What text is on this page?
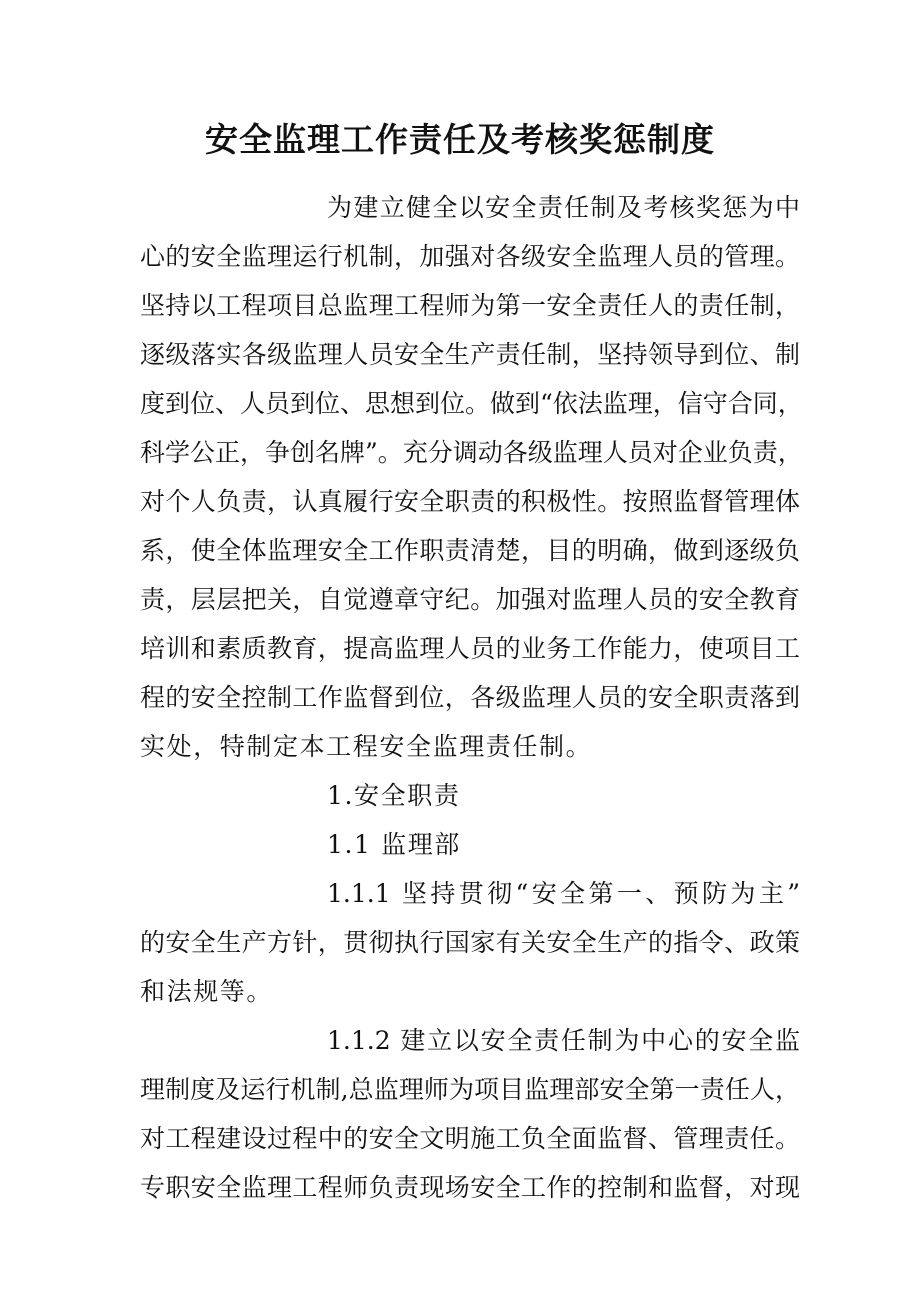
安全监理工作责任及考核奖惩制度

为建立健全以安全责任制及考核奖惩为中

心的安全监理运行机制，加强对各级安全监理人员的管理。

坚持以工程项目总监理工程师为第一安全责任人的责任制，

逐级落实各级监理人员安全生产责任制，坚持领导到位、制

度到位、人员到位、思想到位。做到“依法监理，信守合同，

科学公正，争创名牌”。充分调动各级监理人员对企业负责，

对个人负责，认真履行安全职责的积极性。按照监督管理体

系，使全体监理安全工作职责清楚，目的明确，做到逐级负

责，层层把关，自觉遵章守纪。加强对监理人员的安全教育

培训和素质教育，提高监理人员的业务工作能力，使项目工

程的安全控制工作监督到位，各级监理人员的安全职责落到

实处，特制定本工程安全监理责任制。

1.安全职责

1.1 监理部

1.1.1 坚持贯彻“安全第一、预防为主”

的安全生产方针，贯彻执行国家有关安全生产的指令、政策

和法规等。

1.1.2 建立以安全责任制为中心的安全监

理制度及运行机制,总监理师为项目监理部安全第一责任人，

对工程建设过程中的安全文明施工负全面监督、管理责任。

专职安全监理工程师负责现场安全工作的控制和监督，对现
